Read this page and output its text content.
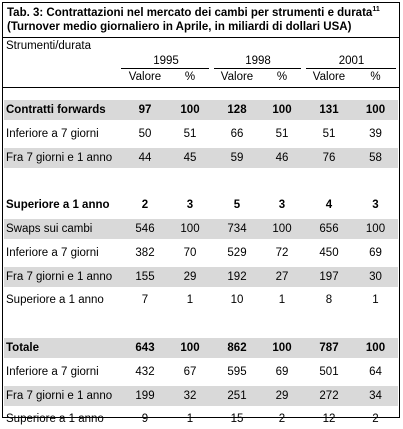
Tab. 3: Contrattazioni nel mercato dei cambi per strumenti e durata$^{11}$
(Turnover medio giornaliero in Aprile, in miliardi di dollari USA)
Strumenti/durata
1995	1998	2001
Valore	%	Valore	%	Valore	%
Contratti forwards	97	100	128	100	131	100
Inferiore a 7 giorni	50	51	66	51	51	39
Fra 7 giorni e 1 anno	44	45	59	46	76	58
Superiore a 1 anno	2	3	5	3	4	3
Swaps sui cambi	546	100	734	100	656	100
Inferiore a 7 giorni	382	70	529	72	450	69
Fra 7 giorni e 1 anno	155	29	192	27	197	30
Superiore a 1 anno	7	1	10	1	8	1
Totale	643	100	862	100	787	100
Inferiore a 7 giorni	432	67	595	69	501	64
Fra 7 giorni e 1 anno	199	32	251	29	272	34
Superiore a 1 anno	9	1	15	2	12	2
